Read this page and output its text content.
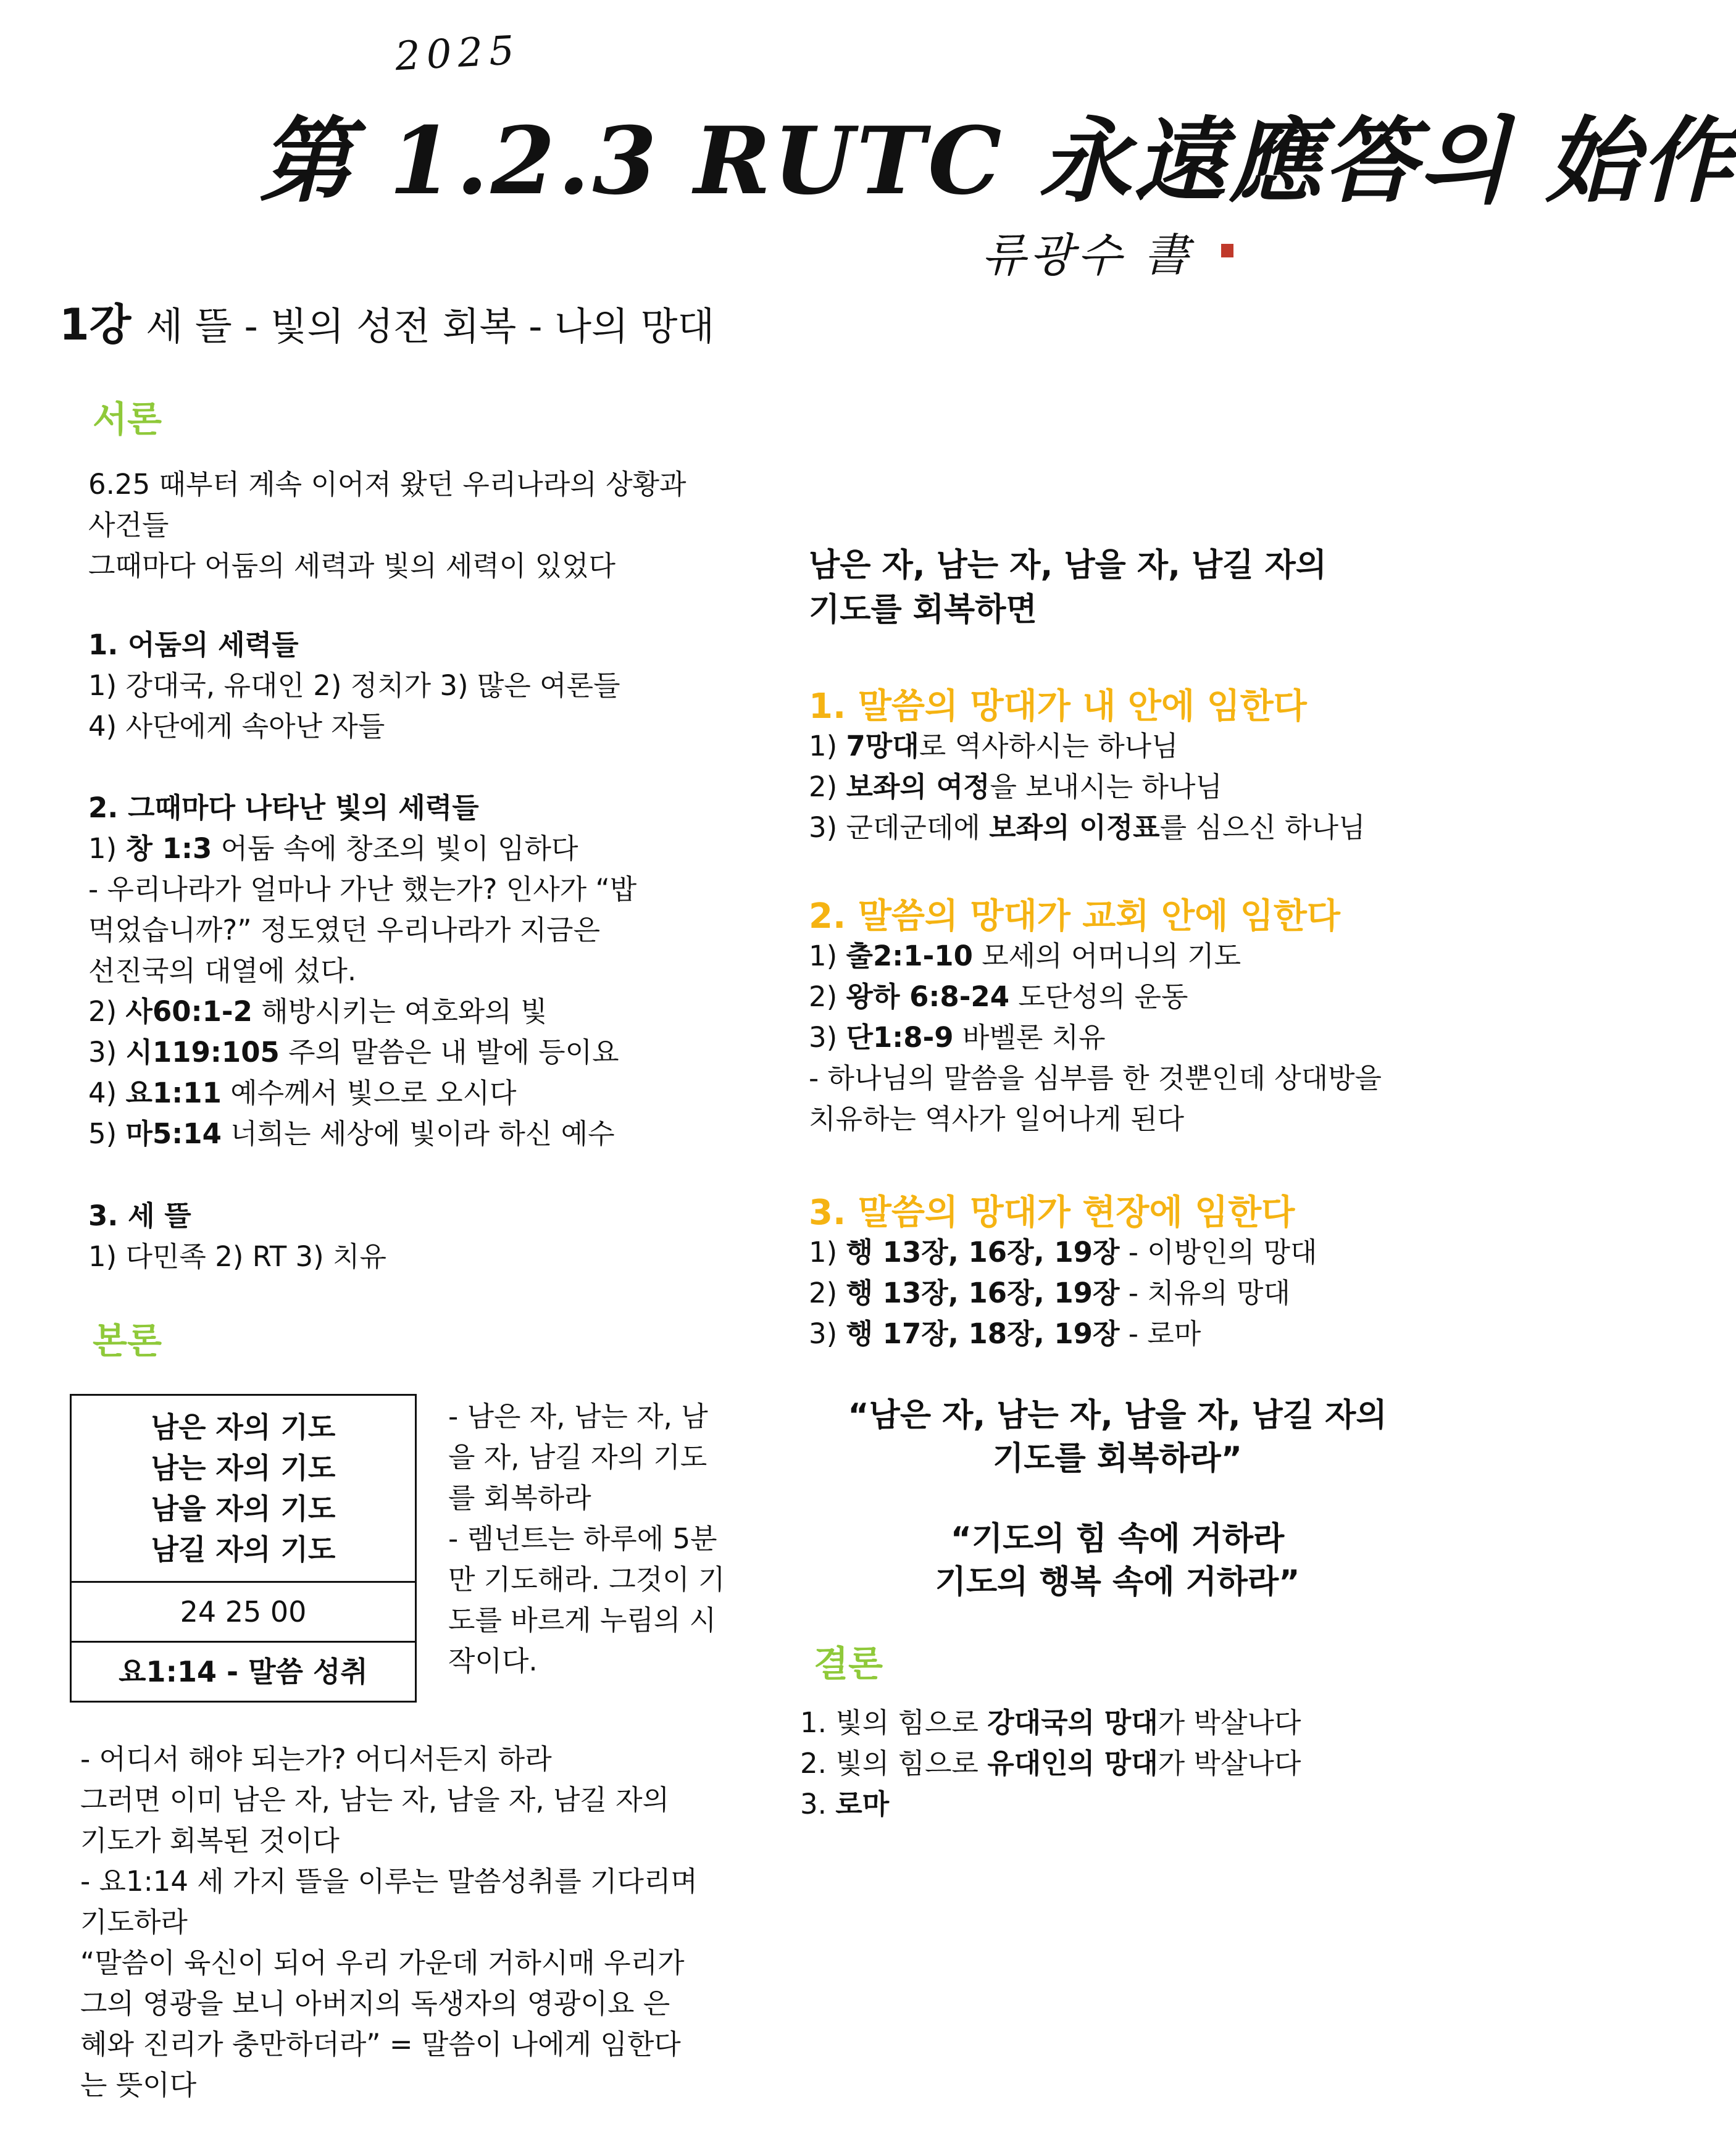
2025
第 1.2.3 RUTC 永遠應答의 始作
류광수 書
1강 세 뜰 - 빛의 성전 회복 - 나의 망대
서론
6.25 때부터 계속 이어져 왔던 우리나라의 상황과
사건들
그때마다 어둠의 세력과 빛의 세력이 있었다
1. 어둠의 세력들
1) 강대국, 유대인 2) 정치가 3) 많은 여론들
4) 사단에게 속아난 자들
2. 그때마다 나타난 빛의 세력들
1) 창 1:3 어둠 속에 창조의 빛이 임하다
- 우리나라가 얼마나 가난 했는가? 인사가 “밥
먹었습니까?” 정도였던 우리나라가 지금은
선진국의 대열에 섰다.
2) 사60:1-2 해방시키는 여호와의 빛
3) 시119:105 주의 말씀은 내 발에 등이요
4) 요1:11 예수께서 빛으로 오시다
5) 마5:14 너희는 세상에 빛이라 하신 예수
3. 세 뜰
1) 다민족 2) RT 3) 치유
본론
남은 자의 기도
남는 자의 기도
남을 자의 기도
남길 자의 기도
24 25 00
요1:14 - 말씀 성취
- 남은 자, 남는 자, 남
을 자, 남길 자의 기도
를 회복하라
- 렘넌트는 하루에 5분
만 기도해라. 그것이 기
도를 바르게 누림의 시
작이다.
- 어디서 해야 되는가? 어디서든지 하라
그러면 이미 남은 자, 남는 자, 남을 자, 남길 자의
기도가 회복된 것이다
- 요1:14 세 가지 뜰을 이루는 말씀성취를 기다리며
기도하라
“말씀이 육신이 되어 우리 가운데 거하시매 우리가
그의 영광을 보니 아버지의 독생자의 영광이요 은
혜와 진리가 충만하더라” = 말씀이 나에게 임한다
는 뜻이다
남은 자, 남는 자, 남을 자, 남길 자의
기도를 회복하면
1. 말씀의 망대가 내 안에 임한다
1) 7망대로 역사하시는 하나님
2) 보좌의 여정을 보내시는 하나님
3) 군데군데에 보좌의 이정표를 심으신 하나님
2. 말씀의 망대가 교회 안에 임한다
1) 출2:1-10 모세의 어머니의 기도
2) 왕하 6:8-24 도단성의 운동
3) 단1:8-9 바벨론 치유
- 하나님의 말씀을 심부름 한 것뿐인데 상대방을
치유하는 역사가 일어나게 된다
3. 말씀의 망대가 현장에 임한다
1) 행 13장, 16장, 19장 - 이방인의 망대
2) 행 13장, 16장, 19장 - 치유의 망대
3) 행 17장, 18장, 19장 - 로마
“남은 자, 남는 자, 남을 자, 남길 자의
기도를 회복하라”
“기도의 힘 속에 거하라
기도의 행복 속에 거하라”
결론
1. 빛의 힘으로 강대국의 망대가 박살나다
2. 빛의 힘으로 유대인의 망대가 박살나다
3. 로마
